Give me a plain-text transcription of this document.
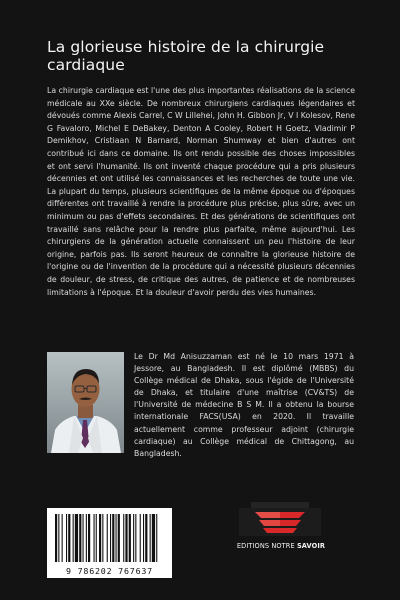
La glorieuse histoire de la chirurgie cardiaque

La chirurgie cardiaque est l'une des plus importantes réalisations de la science médicale au XXe siècle. De nombreux chirurgiens cardiaques légendaires et dévoués comme Alexis Carrel, C W Lillehei, John H. Gibbon Jr, V I Kolesov, Rene G Favaloro, Michel E DeBakey, Denton A Cooley, Robert H Goetz, Vladimir P Demikhov, Cristiaan N Barnard, Norman Shumway et bien d'autres ont contribué ici dans ce domaine. Ils ont rendu possible des choses impossibles et ont servi l'humanité. Ils ont inventé chaque procédure qui a pris plusieurs décennies et ont utilisé les connaissances et les recherches de toute une vie. La plupart du temps, plusieurs scientifiques de la même époque ou d'époques différentes ont travaillé à rendre la procédure plus précise, plus sûre, avec un minimum ou pas d'effets secondaires. Et des générations de scientifiques ont travaillé sans relâche pour la rendre plus parfaite, même aujourd'hui. Les chirurgiens de la génération actuelle connaissent un peu l'histoire de leur origine, parfois pas. Ils seront heureux de connaître la glorieuse histoire de l'origine ou de l'invention de la procédure qui a nécessité plusieurs décennies de douleur, de stress, de critique des autres, de patience et de nombreuses limitations à l'époque. Et la douleur d'avoir perdu des vies humaines.

Le Dr Md Anisuzzaman est né le 10 mars 1971 à Jessore, au Bangladesh. Il est diplômé (MBBS) du Collège médical de Dhaka, sous l'égide de l'Université de Dhaka, et titulaire d'une maîtrise (CV&TS) de l'Université de médecine B S M. Il a obtenu la bourse internationale FACS(USA) en 2020. Il travaille actuellement comme professeur adjoint (chirurgie cardiaque) au Collège médical de Chittagong, au Bangladesh.

9 786202 767637
EDITIONS NOTRE SAVOIR
